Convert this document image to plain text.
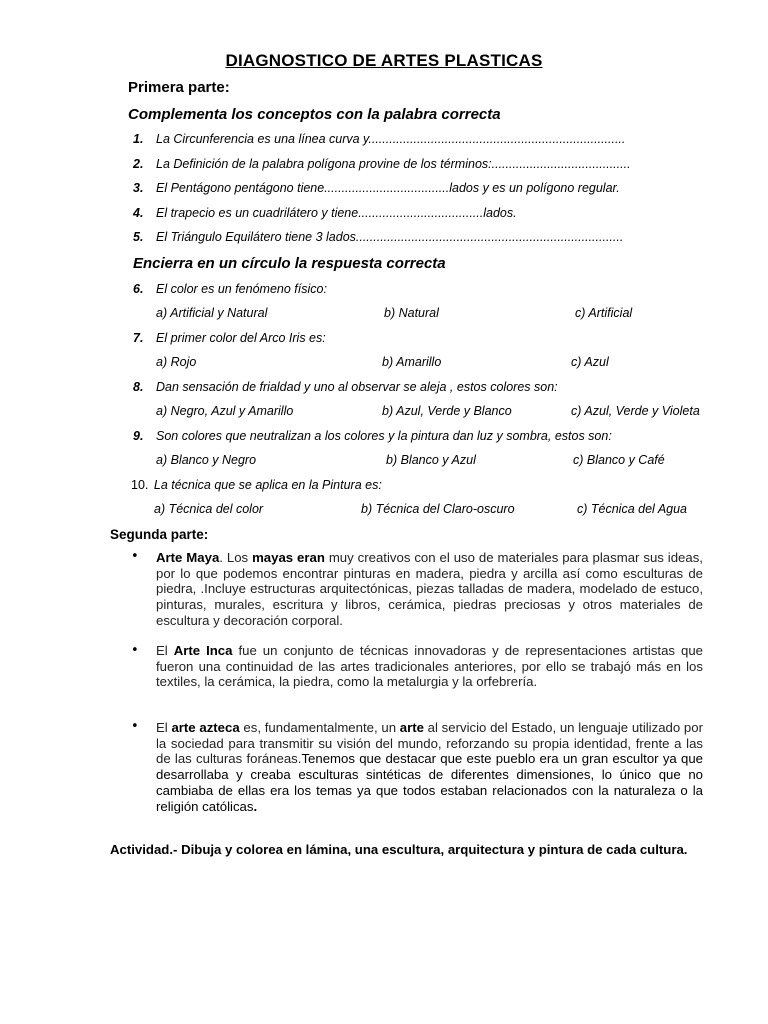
DIAGNOSTICO DE ARTES PLASTICAS
Primera parte:
Complementa los conceptos con la palabra correcta
1. La Circunferencia es una línea curva y..........................................................................
2. La Definición de la palabra polígona provine de los términos:........................................
3. El Pentágono pentágono tiene....................................lados y es un polígono regular.
4. El trapecio es un cuadrilátero y tiene....................................lados.
5. El Triángulo Equilátero tiene 3 lados.............................................................................
Encierra en un círculo la respuesta correcta
6. El color es un fenómeno físico:
a) Artificial y Natural	b) Natural	c) Artificial
7. El primer color del Arco Iris es:
a) Rojo	b) Amarillo	c) Azul
8. Dan sensación de frialdad y uno al observar se aleja , estos colores son:
a) Negro, Azul y Amarillo	b) Azul, Verde y Blanco	c) Azul, Verde y Violeta
9. Son colores que neutralizan a los colores y la pintura dan luz y sombra, estos son:
a) Blanco y Negro	b) Blanco y Azul	c) Blanco y Café
10. La técnica que se aplica en la Pintura es:
a) Técnica del color	b) Técnica del Claro-oscuro	c) Técnica del Agua
Segunda parte:
• Arte Maya. Los mayas eran muy creativos con el uso de materiales para plasmar sus ideas, por lo que podemos encontrar pinturas en madera, piedra y arcilla así como esculturas de piedra, .Incluye estructuras arquitectónicas, piezas talladas de madera, modelado de estuco, pinturas, murales, escritura y libros, cerámica, piedras preciosas y otros materiales de escultura y decoración corporal.
• El Arte Inca fue un conjunto de técnicas innovadoras y de representaciones artistas que fueron una continuidad de las artes tradicionales anteriores, por ello se trabajó más en los textiles, la cerámica, la piedra, como la metalurgia y la orfebrería.
• El arte azteca es, fundamentalmente, un arte al servicio del Estado, un lenguaje utilizado por la sociedad para transmitir su visión del mundo, reforzando su propia identidad, frente a las de las culturas foráneas.Tenemos que destacar que este pueblo era un gran escultor ya que desarrollaba y creaba esculturas sintéticas de diferentes dimensiones, lo único que no cambiaba de ellas era los temas ya que todos estaban relacionados con la naturaleza o la religión católicas.
Actividad.- Dibuja y colorea en lámina, una escultura, arquitectura y pintura de cada cultura.
